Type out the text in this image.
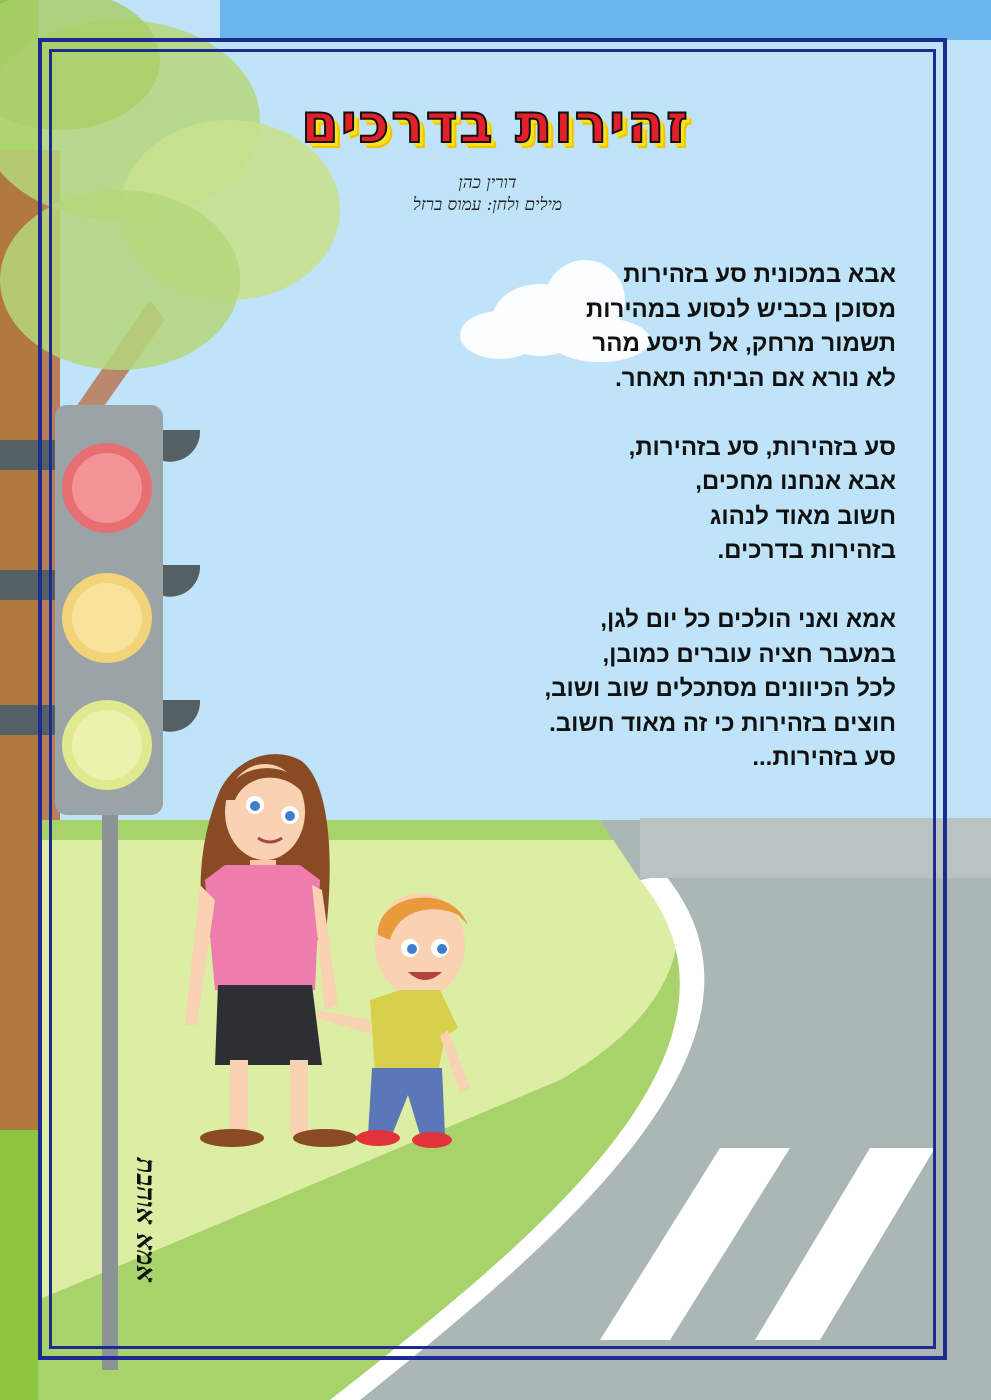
זהירות בדרכים
דורין כהן
מילים ולחן: עמוס ברזל
אבא במכונית סע בזהירות
מסוכן בכביש לנסוע במהירות
תשמור מרחק, אל תיסע מהר
לא נורא אם הביתה תאחר.
סע בזהירות, סע בזהירות,
אבא אנחנו מחכים,
חשוב מאוד לנהוג
בזהירות בדרכים.
אמא ואני הולכים כל יום לגן,
במעבר חציה עוברים כמובן,
לכל הכיוונים מסתכלים שוב ושוב,
חוצים בזהירות כי זה מאוד חשוב.
סע בזהירות...
אמא אוהבת
